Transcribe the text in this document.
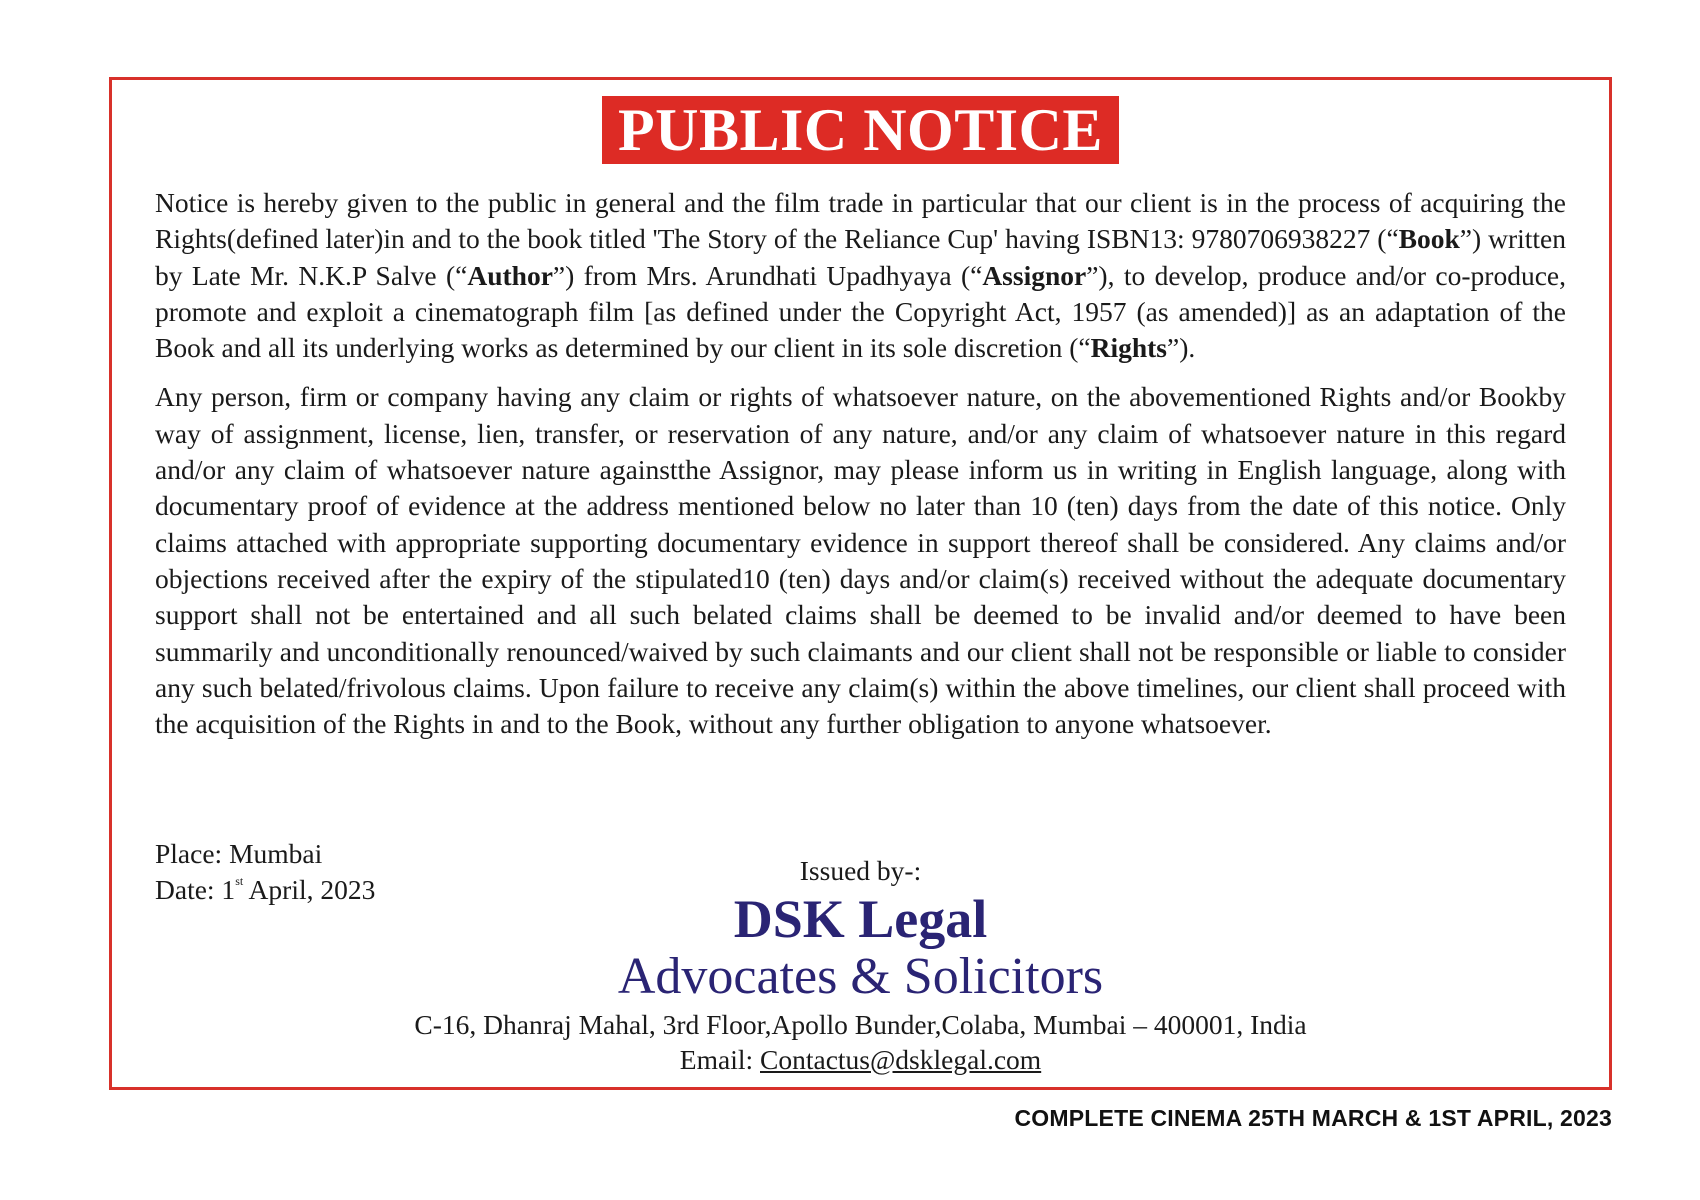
PUBLIC NOTICE

Notice is hereby given to the public in general and the film trade in particular that our client is in the process of acquiring the Rights(defined later)in and to the book titled 'The Story of the Reliance Cup' having ISBN13: 9780706938227 (“Book”) written by Late Mr. N.K.P Salve (“Author”) from Mrs. Arundhati Upadhyaya (“Assignor”), to develop, produce and/or co-produce, promote and exploit a cinematograph film [as defined under the Copyright Act, 1957 (as amended)] as an adaptation of the Book and all its underlying works as determined by our client in its sole discretion (“Rights”).

Any person, firm or company having any claim or rights of whatsoever nature, on the abovementioned Rights and/or Bookby way of assignment, license, lien, transfer, or reservation of any nature, and/or any claim of whatsoever nature in this regard and/or any claim of whatsoever nature againstthe Assignor, may please inform us in writing in English language, along with documentary proof of evidence at the address mentioned below no later than 10 (ten) days from the date of this notice. Only claims attached with appropriate supporting documentary evidence in support thereof shall be considered. Any claims and/or objections received after the expiry of the stipulated10 (ten) days and/or claim(s) received without the adequate documentary support shall not be entertained and all such belated claims shall be deemed to be invalid and/or deemed to have been summarily and unconditionally renounced/waived by such claimants and our client shall not be responsible or liable to consider any such belated/frivolous claims. Upon failure to receive any claim(s) within the above timelines, our client shall proceed with the acquisition of the Rights in and to the Book, without any further obligation to anyone whatsoever.

Place: Mumbai
Date: 1st April, 2023
Issued by-:
DSK Legal
Advocates & Solicitors
C-16, Dhanraj Mahal, 3rd Floor,Apollo Bunder,Colaba, Mumbai – 400001, India
Email: Contactus@dsklegal.com
COMPLETE CINEMA 25TH MARCH & 1ST APRIL, 2023
